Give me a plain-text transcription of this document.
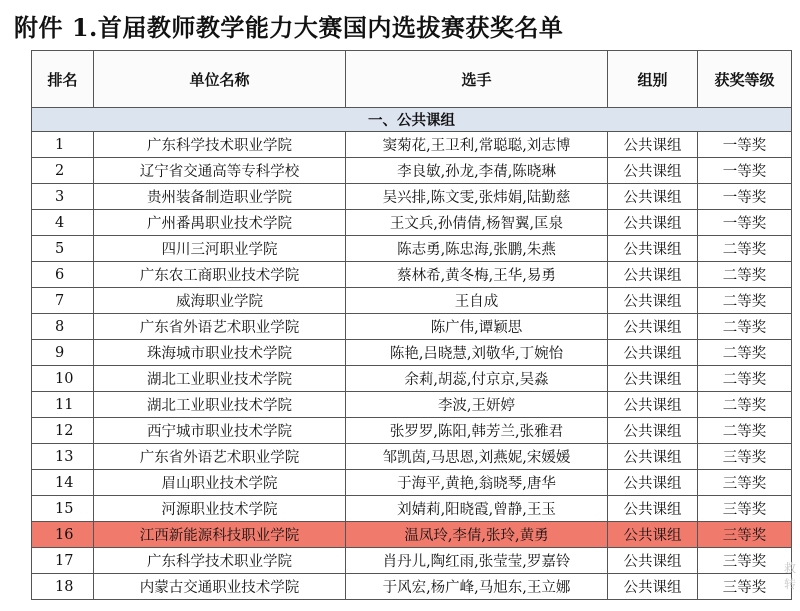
附件 1.首届教师教学能力大赛国内选拔赛获奖名单
排名	单位名称	选手	组别	获奖等级
一、公共课组				
1	广东科学技术职业学院	窦菊花,王卫利,常聪聪,刘志博	公共课组	一等奖
2	辽宁省交通高等专科学校	李良敏,孙龙,李蒨,陈晓琳	公共课组	一等奖
3	贵州装备制造职业学院	吴兴排,陈文雯,张炜娟,陆勤慈	公共课组	一等奖
4	广州番禺职业技术学院	王文兵,孙倩倩,杨智翼,匡泉	公共课组	一等奖
5	四川三河职业学院	陈志勇,陈忠海,张鹏,朱燕	公共课组	二等奖
6	广东农工商职业技术学院	蔡林希,黄冬梅,王华,易勇	公共课组	二等奖
7	威海职业学院	王自成	公共课组	二等奖
8	广东省外语艺术职业学院	陈广伟,谭颖思	公共课组	二等奖
9	珠海城市职业技术学院	陈艳,吕晓慧,刘敬华,丁婉怡	公共课组	二等奖
10	湖北工业职业技术学院	余莉,胡蕊,付京京,吴淼	公共课组	二等奖
11	湖北工业职业技术学院	李波,王妍婷	公共课组	二等奖
12	西宁城市职业技术学院	张罗罗,陈阳,韩芳兰,张雅君	公共课组	二等奖
13	广东省外语艺术职业学院	邹凯茵,马思恩,刘燕妮,宋媛媛	公共课组	三等奖
14	眉山职业技术学院	于海平,黄艳,翁晓琴,唐华	公共课组	三等奖
15	河源职业技术学院	刘婧莉,阳晓霞,曾静,王玉	公共课组	三等奖
16	江西新能源科技职业学院	温凤玲,李倩,张玲,黄勇	公共课组	三等奖
17	广东科学技术职业学院	肖丹儿,陶红雨,张莹莹,罗嘉铃	公共课组	三等奖
18	内蒙古交通职业技术学院	于风宏,杨广峰,马旭东,王立娜	公共课组	三等奖
救
转
